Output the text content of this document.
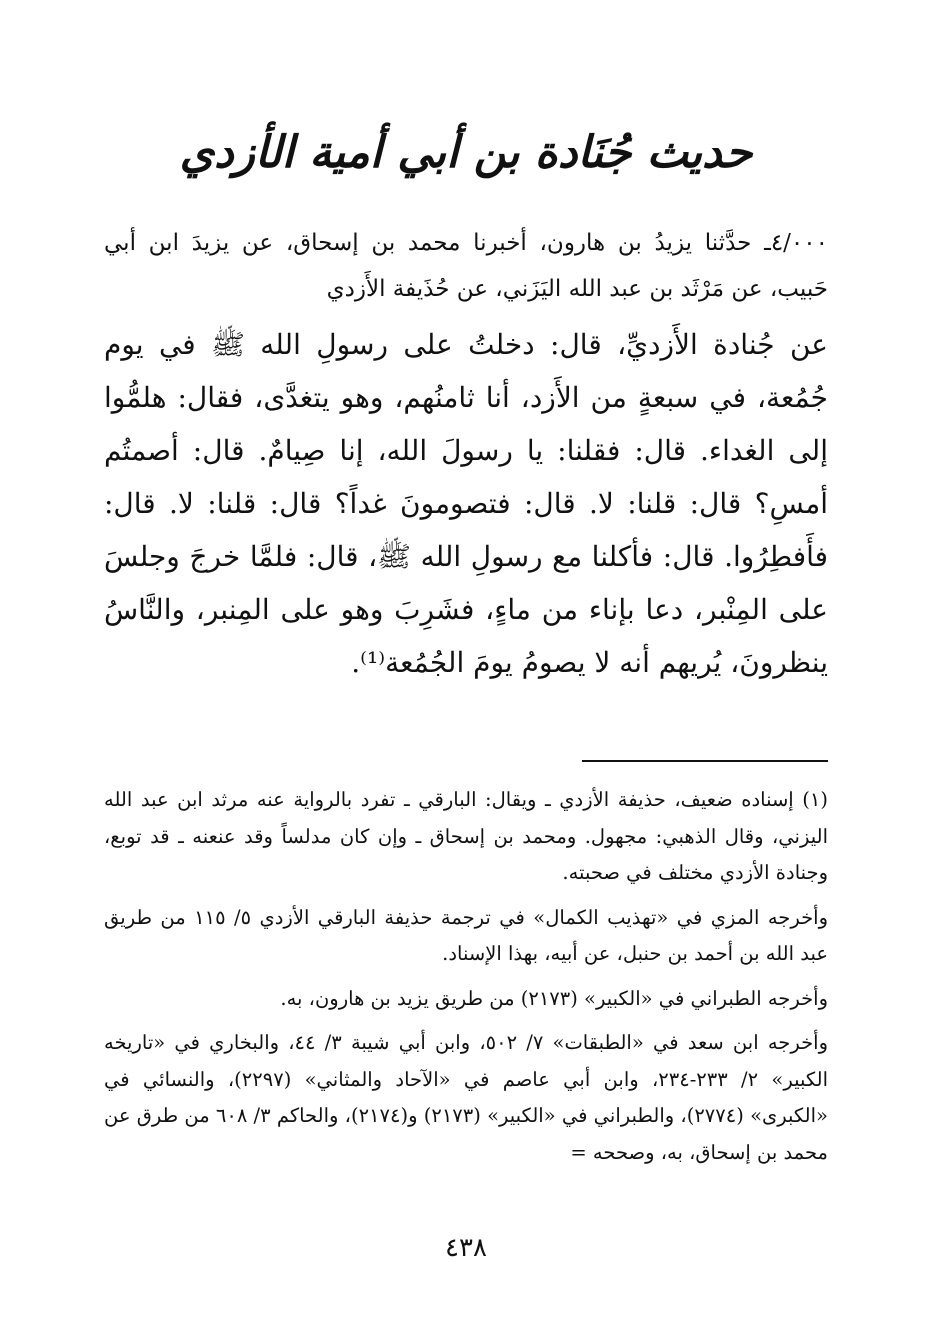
حديث جُنَادة بن أبي أمية الأزدي
٤/٠٠٠ـ حدَّثنا يزيدُ بن هارون، أخبرنا محمد بن إسحاق، عن يزيدَ ابن أبي حَبيب، عن مَرْثَد بن عبد الله اليَزَني، عن حُذَيفة الأَزدي
عن جُنادة الأَزديِّ، قال: دخلتُ على رسولِ الله ﷺ في يوم جُمُعة، في سبعةٍ من الأَزد، أنا ثامنُهم، وهو يتغدَّى، فقال: هلمُّوا إلى الغداء. قال: فقلنا: يا رسولَ الله، إنا صِيامٌ. قال: أصمتُم أمسِ؟ قال: قلنا: لا. قال: فتصومونَ غداً؟ قال: قلنا: لا. قال: فأَفطِرُوا. قال: فأكلنا مع رسولِ الله ﷺ، قال: فلمَّا خرجَ وجلسَ على المِنْبر، دعا بإناء من ماءٍ، فشَرِبَ وهو على المِنبر، والنَّاسُ ينظرونَ، يُريهم أنه لا يصومُ يومَ الجُمُعة⁽¹⁾.

(١) إسناده ضعيف، حذيفة الأزدي ـ ويقال: البارقي ـ تفرد بالرواية عنه مرثد ابن عبد الله اليزني، وقال الذهبي: مجهول. ومحمد بن إسحاق ـ وإن كان مدلساً وقد عنعنه ـ قد توبع، وجنادة الأزدي مختلف في صحبته.

وأخرجه المزي في «تهذيب الكمال» في ترجمة حذيفة البارقي الأزدي ٥/ ١١٥ من طريق عبد الله بن أحمد بن حنبل، عن أبيه، بهذا الإسناد.

وأخرجه الطبراني في «الكبير» (٢١٧٣) من طريق يزيد بن هارون، به.

وأخرجه ابن سعد في «الطبقات» ٧/ ٥٠٢، وابن أبي شيبة ٣/ ٤٤، والبخاري في «تاريخه الكبير» ٢/ ٢٣٣-٢٣٤، وابن أبي عاصم في «الآحاد والمثاني» (٢٢٩٧)، والنسائي في «الكبرى» (٢٧٧٤)، والطبراني في «الكبير» (٢١٧٣) و(٢١٧٤)، والحاكم ٣/ ٦٠٨ من طرق عن محمد بن إسحاق، به، وصححه =

٤٣٨
